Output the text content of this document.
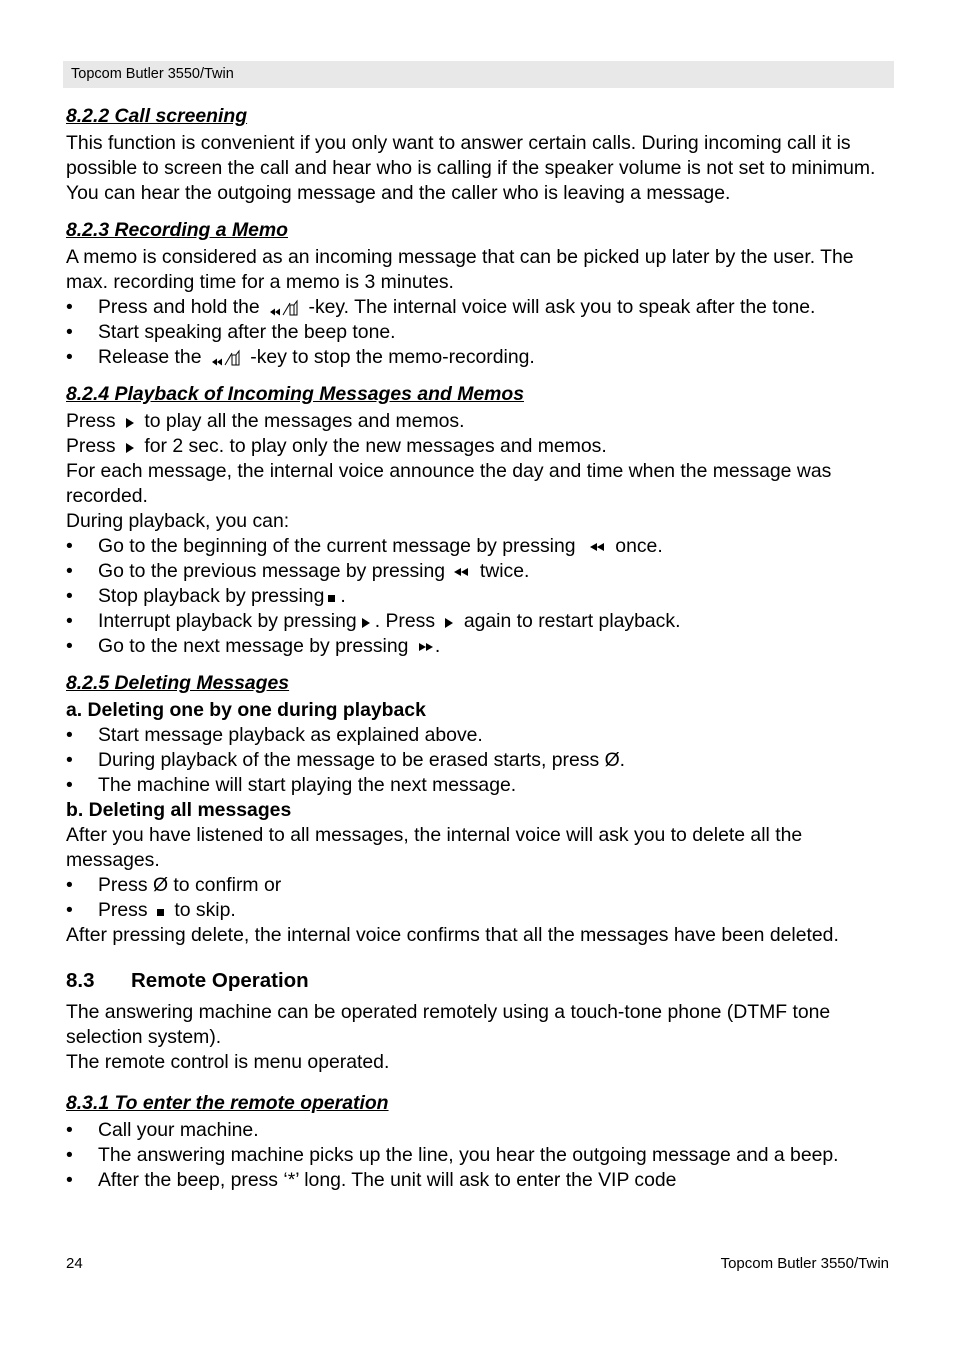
Topcom Butler 3550/Twin
8.2.2 Call screening

This function is convenient if you only want to answer certain calls. During incoming call it is possible to screen the call and hear who is calling if the speaker volume is not set to minimum. You can hear the outgoing message and the caller who is leaving a message.

8.2.3 Recording a Memo

A memo is considered as an incoming message that can be picked up later by the user. The max. recording time for a memo is 3 minutes.

• Press and hold the	-key. The internal voice will ask you to speak after the tone.
• Start speaking after the beep tone.
• Release the	-key to stop the memo-recording.
8.2.4 Playback of Incoming Messages and Memos

Press to play all the messages and memos.

Press for 2 sec. to play only the new messages and memos.

For each message, the internal voice announce the day and time when the message was recorded.

During playback, you can:

• Go to the beginning of the current message by pressing once.
• Go to the previous message by pressing twice.
• Stop playback by pressing .
• Interrupt playback by pressing . Press again to restart playback.
• Go to the next message by pressing .
8.2.5 Deleting Messages

a. Deleting one by one during playback

• Start message playback as explained above.
• During playback of the message to be erased starts, press Ø.
• The machine will start playing the next message.

b. Deleting all messages

After you have listened to all messages, the internal voice will ask you to delete all the messages.

• Press Ø to confirm or
• Press to skip.

After pressing delete, the internal voice confirms that all the messages have been deleted.

8.3	Remote Operation

The answering machine can be operated remotely using a touch-tone phone (DTMF tone selection system).

The remote control is menu operated.

8.3.1 To enter the remote operation
• Call your machine.
• The answering machine picks up the line, you hear the outgoing message and a beep.
• After the beep, press ‘*’ long. The unit will ask to enter the VIP code
24	Topcom Butler 3550/Twin
